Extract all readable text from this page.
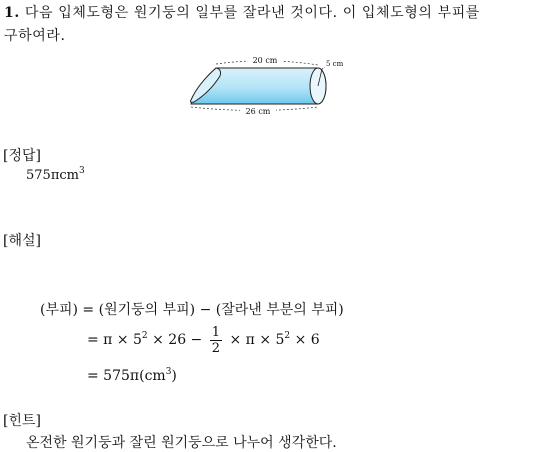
1. 다음 입체도형은 원기둥의 일부를 잘라낸 것이다. 이 입체도형의 부피를
구하여라.
20 cm	5 cm
26 cm
[정답]
575πcm$^3$
[해설]
(부피) = (원기둥의 부피) − (잘라낸 부분의 부피)
= $\pi \times 5^2 \times 26 - \frac{1}{2} \times \pi \times 5^2 \times 6$
= $575\pi(cm^3)$
[힌트]
온전한 원기둥과 잘린 원기둥으로 나누어 생각한다.
